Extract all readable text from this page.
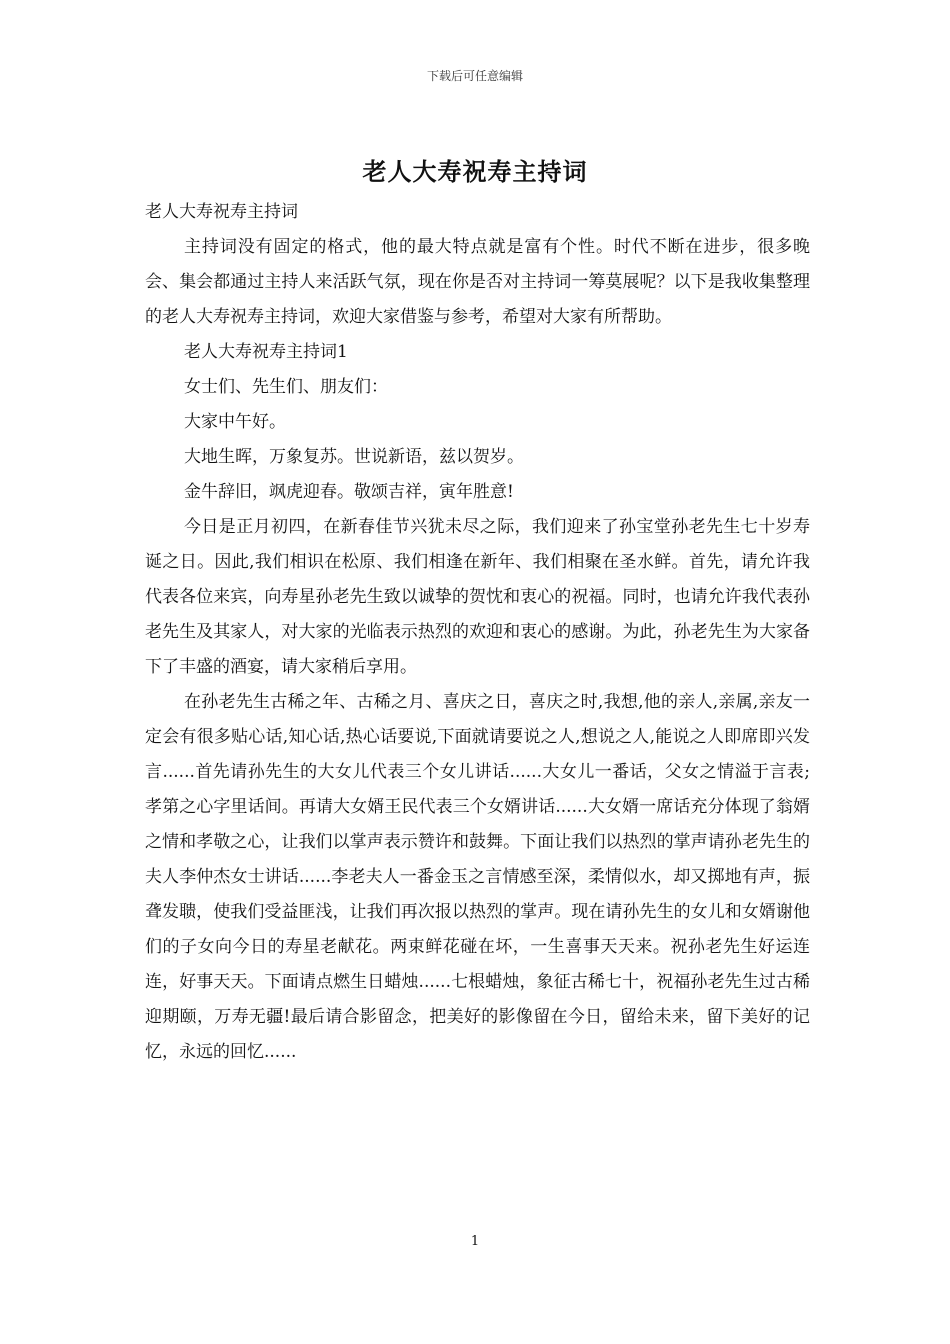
下载后可任意编辑
老人大寿祝寿主持词

老人大寿祝寿主持词

主持词没有固定的格式，他的最大特点就是富有个性。时代不断在进步，很多晚会、集会都通过主持人来活跃气氛，现在你是否对主持词一筹莫展呢？以下是我收集整理的老人大寿祝寿主持词，欢迎大家借鉴与参考，希望对大家有所帮助。

老人大寿祝寿主持词1

女士们、先生们、朋友们：

大家中午好。

大地生晖，万象复苏。世说新语，兹以贺岁。

金牛辞旧，飒虎迎春。敬颂吉祥，寅年胜意!

今日是正月初四，在新春佳节兴犹未尽之际，我们迎来了孙宝堂孙老先生七十岁寿诞之日。因此,我们相识在松原、我们相逢在新年、我们相聚在圣水鲜。首先，请允许我代表各位来宾，向寿星孙老先生致以诚挚的贺忱和衷心的祝福。同时，也请允许我代表孙老先生及其家人，对大家的光临表示热烈的欢迎和衷心的感谢。为此，孙老先生为大家备下了丰盛的酒宴，请大家稍后享用。

在孙老先生古稀之年、古稀之月、喜庆之日，喜庆之时,我想,他的亲人,亲属,亲友一定会有很多贴心话,知心话,热心话要说,下面就请要说之人,想说之人,能说之人即席即兴发言......首先请孙先生的大女儿代表三个女儿讲话......大女儿一番话，父女之情溢于言表;孝第之心字里话间。再请大女婿王民代表三个女婿讲话......大女婿一席话充分体现了翁婿之情和孝敬之心，让我们以掌声表示赞许和鼓舞。下面让我们以热烈的掌声请孙老先生的夫人李仲杰女士讲话......李老夫人一番金玉之言情感至深，柔情似水，却又掷地有声，振聋发聩，使我们受益匪浅，让我们再次报以热烈的掌声。现在请孙先生的女儿和女婿谢他们的子女向今日的寿星老献花。两束鲜花碰在坏，一生喜事天天来。祝孙老先生好运连连，好事天天。下面请点燃生日蜡烛......七根蜡烛，象征古稀七十，祝福孙老先生过古稀迎期颐，万寿无疆!最后请合影留念，把美好的影像留在今日，留给未来，留下美好的记忆，永远的回忆......

1
